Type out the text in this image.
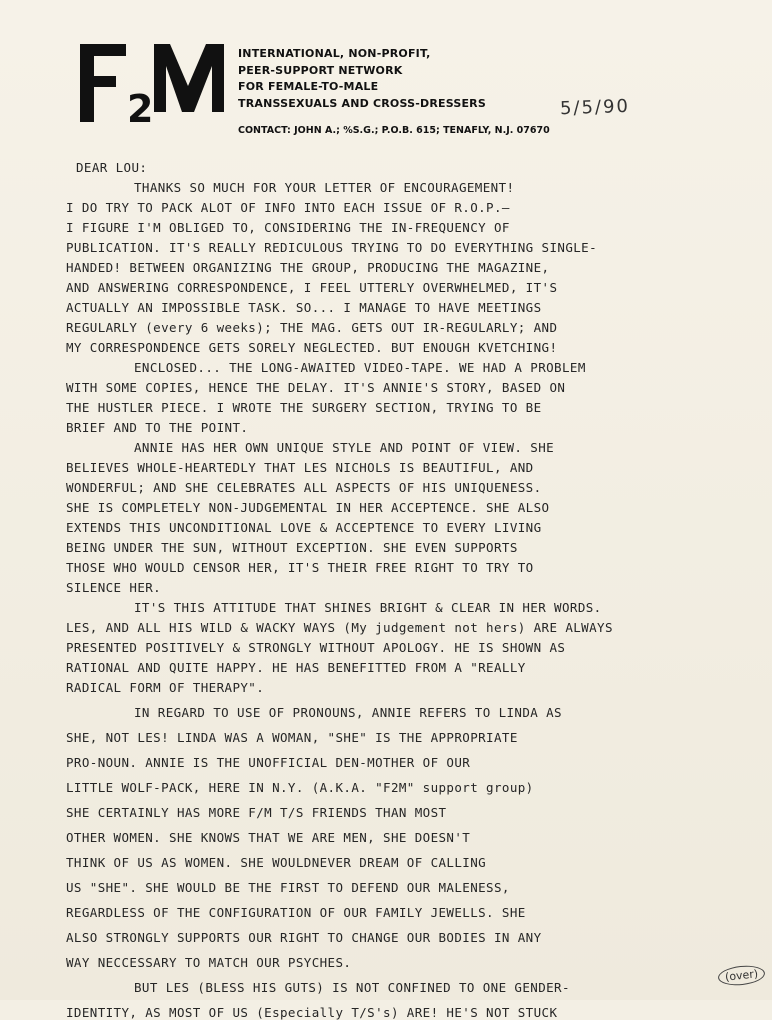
2
INTERNATIONAL, NON-PROFIT,
PEER-SUPPORT NETWORK
FOR FEMALE-TO-MALE
TRANSSEXUALS AND CROSS-DRESSERS
CONTACT: JOHN A.; %S.G.; P.O.B. 615; TENAFLY, N.J. 07670
5/5/90
DEAR LOU:
THANKS SO MUCH FOR YOUR LETTER OF ENCOURAGEMENT!
I DO TRY TO PACK ALOT OF INFO INTO EACH ISSUE OF R.O.P.—
I FIGURE I'M OBLIGED TO, CONSIDERING THE IN-FREQUENCY OF
PUBLICATION. IT'S REALLY REDICULOUS TRYING TO DO EVERYTHING SINGLE-
HANDED! BETWEEN ORGANIZING THE GROUP, PRODUCING THE MAGAZINE,
AND ANSWERING CORRESPONDENCE, I FEEL UTTERLY OVERWHELMED, IT'S
ACTUALLY AN IMPOSSIBLE TASK. SO... I MANAGE TO HAVE MEETINGS
REGULARLY (every 6 weeks); THE MAG. GETS OUT IR-REGULARLY; AND
MY CORRESPONDENCE GETS SORELY NEGLECTED. BUT ENOUGH KVETCHING!
ENCLOSED... THE LONG-AWAITED VIDEO-TAPE. WE HAD A PROBLEM
WITH SOME COPIES, HENCE THE DELAY. IT'S ANNIE'S STORY, BASED ON
THE HUSTLER PIECE. I WROTE THE SURGERY SECTION, TRYING TO BE
BRIEF AND TO THE POINT.
ANNIE HAS HER OWN UNIQUE STYLE AND POINT OF VIEW. SHE
BELIEVES WHOLE-HEARTEDLY THAT LES NICHOLS IS BEAUTIFUL, AND
WONDERFUL; AND SHE CELEBRATES ALL ASPECTS OF HIS UNIQUENESS.
SHE IS COMPLETELY NON-JUDGEMENTAL IN HER ACCEPTENCE. SHE ALSO
EXTENDS THIS UNCONDITIONAL LOVE & ACCEPTENCE TO EVERY LIVING
BEING UNDER THE SUN, WITHOUT EXCEPTION. SHE EVEN SUPPORTS
THOSE WHO WOULD CENSOR HER, IT'S THEIR FREE RIGHT TO TRY TO
SILENCE HER.
IT'S THIS ATTITUDE THAT SHINES BRIGHT & CLEAR IN HER WORDS.
LES, AND ALL HIS WILD & WACKY WAYS (My judgement not hers) ARE ALWAYS
PRESENTED POSITIVELY & STRONGLY WITHOUT APOLOGY. HE IS SHOWN AS
RATIONAL AND QUITE HAPPY. HE HAS BENEFITTED FROM A "REALLY
RADICAL FORM OF THERAPY".
IN REGARD TO USE OF PRONOUNS, ANNIE REFERS TO LINDA AS
SHE, NOT LES! LINDA WAS A WOMAN, "SHE" IS THE APPROPRIATE
PRO-NOUN. ANNIE IS THE UNOFFICIAL DEN-MOTHER OF OUR
LITTLE WOLF-PACK, HERE IN N.Y. (A.K.A. "F2M" support group)
SHE CERTAINLY HAS MORE F/M T/S FRIENDS THAN MOST
OTHER WOMEN. SHE KNOWS THAT WE ARE MEN, SHE DOESN'T
THINK OF US AS WOMEN. SHE WOULDNEVER DREAM OF CALLING
US "SHE". SHE WOULD BE THE FIRST TO DEFEND OUR MALENESS,
REGARDLESS OF THE CONFIGURATION OF OUR FAMILY JEWELLS. SHE
ALSO STRONGLY SUPPORTS OUR RIGHT TO CHANGE OUR BODIES IN ANY
WAY NECCESSARY TO MATCH OUR PSYCHES.
BUT LES (BLESS HIS GUTS) IS NOT CONFINED TO ONE GENDER-
IDENTITY, AS MOST OF US (Especially T/S's) ARE! HE'S NOT STUCK
(over)
